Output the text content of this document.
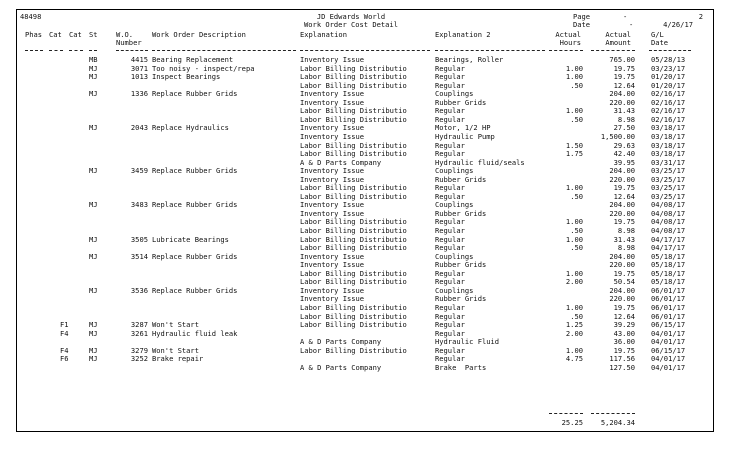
48498	JD Edwards World
Work Order Cost Detail
Page	-	2
Date	-	4/26/17
Phas Cat Cat St	W.O.
Number
Work Order Description	Explanation	Explanation 2	Actual
Hours
Actual
Amount
G/L
Date
MB	4415 Bearing Replacement	Inventory Issue	Bearings, Roller	765.00 05/28/13
MJ	3071 Too noisy - inspect/repa	Labor Billing Distributio	Regular	1.00	19.75 03/23/17
MJ	1013 Inspect Bearings	Labor Billing Distributio	Regular	1.00	19.75 01/20/17
Labor Billing Distributio	Regular	.50	12.64 01/20/17
MJ	1336 Replace Rubber Grids	Inventory Issue	Couplings	204.00 02/16/17
Inventory Issue	Rubber Grids	220.00 02/16/17
Labor Billing Distributio	Regular	1.00	31.43 02/16/17
Labor Billing Distributio	Regular	.50	8.98 02/16/17
MJ	2043 Replace Hydraulics	Inventory Issue	Motor, 1/2 HP	27.50 03/18/17
Inventory Issue	Hydraulic Pump	1,500.00 03/18/17
Labor Billing Distributio	Regular	1.50	29.63 03/18/17
Labor Billing Distributio	Regular	1.75	42.40 03/18/17
A & D Parts Company	Hydraulic fluid/seals	39.95 03/31/17
MJ	3459 Replace Rubber Grids	Inventory Issue	Couplings	204.00 03/25/17
Inventory Issue	Rubber Grids	220.00 03/25/17
Labor Billing Distributio	Regular	1.00	19.75 03/25/17
Labor Billing Distributio	Regular	.50	12.64 03/25/17
MJ	3483 Replace Rubber Grids	Inventory Issue	Couplings	204.00 04/08/17
Inventory Issue	Rubber Grids	220.00 04/08/17
Labor Billing Distributio	Regular	1.00	19.75 04/08/17
Labor Billing Distributio	Regular	.50	8.98 04/08/17
MJ	3505 Lubricate Bearings	Labor Billing Distributio	Regular	1.00	31.43 04/17/17
Labor Billing Distributio	Regular	.50	8.98 04/17/17
MJ	3514 Replace Rubber Grids	Inventory Issue	Couplings	204.00 05/18/17
Inventory Issue	Rubber Grids	220.00 05/18/17
Labor Billing Distributio	Regular	1.00	19.75 05/18/17
Labor Billing Distributio	Regular	2.00	50.54 05/18/17
MJ	3536 Replace Rubber Grids	Inventory Issue	Couplings	204.00 06/01/17
Inventory Issue	Rubber Grids	220.00 06/01/17
Labor Billing Distributio	Regular	1.00	19.75 06/01/17
Labor Billing Distributio	Regular	.50	12.64 06/01/17
F1	MJ	3287 Won't Start	Labor Billing Distributio	Regular	1.25	39.29 06/15/17
F4	MJ	3261 Hydraulic fluid leak	Regular	2.00	43.00 04/01/17
A & D Parts Company	Hydraulic Fluid	36.00 04/01/17
F4	MJ	3279 Won't Start	Labor Billing Distributio	Regular	1.00	19.75 06/15/17
F6	MJ	3252 Brake repair	Regular	4.75	117.56 04/01/17
A & D Parts Company	Brake  Parts	127.50 04/01/17
25.25	5,204.34
